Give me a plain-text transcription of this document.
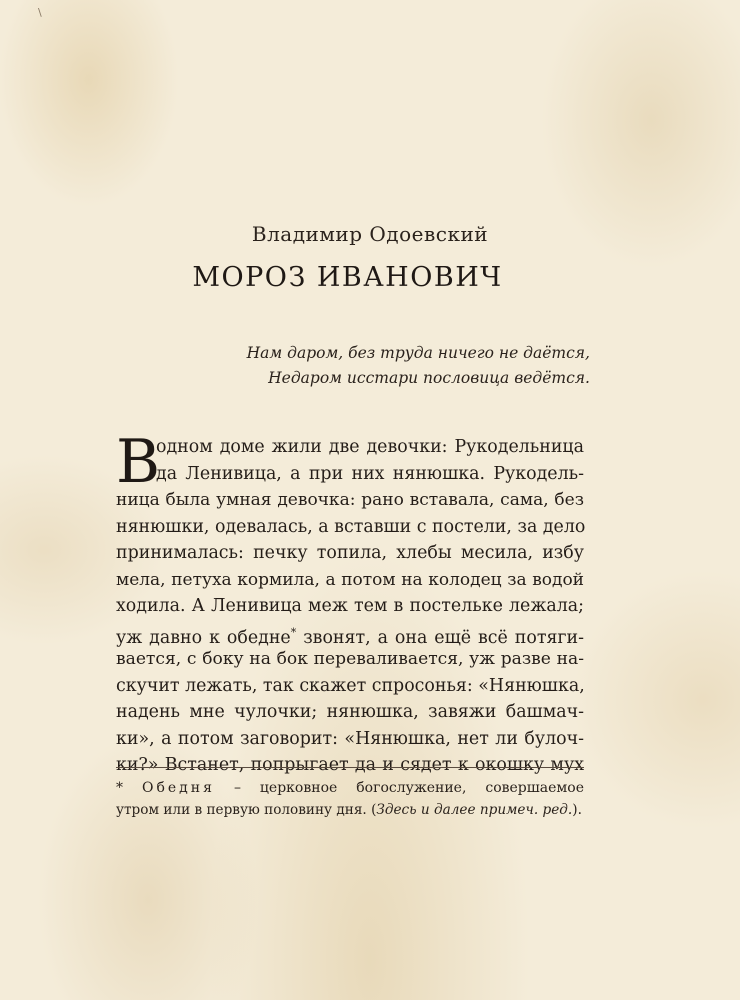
\
Владимир Одоевский
МОРОЗ ИВАНОВИЧ
Нам даром, без труда ничего не даётся,
Недаром исстари пословица ведётся.
В
одном доме жили две девочки: Рукодельница
да Ленивица, а при них нянюшка. Рукодель-
ница была умная девочка: рано вставала, сама, без
нянюшки, одевалась, а вставши с постели, за дело
принималась: печку топила, хлебы месила, избу
мела, петуха кормила, а потом на колодец за водой
ходила. А Ленивица меж тем в постельке лежала;
уж давно к обедне* звонят, а она ещё всё потяги-
вается, с боку на бок переваливается, уж разве на-
скучит лежать, так скажет спросонья: «Нянюшка,
надень мне чулочки; нянюшка, завяжи башмач-
ки», а потом заговорит: «Нянюшка, нет ли булоч-
ки?» Встанет, попрыгает да и сядет к окошку мух
* Обедня – церковное богослужение, совершаемое
утром или в первую половину дня. (Здесь и далее примеч. ред.).
